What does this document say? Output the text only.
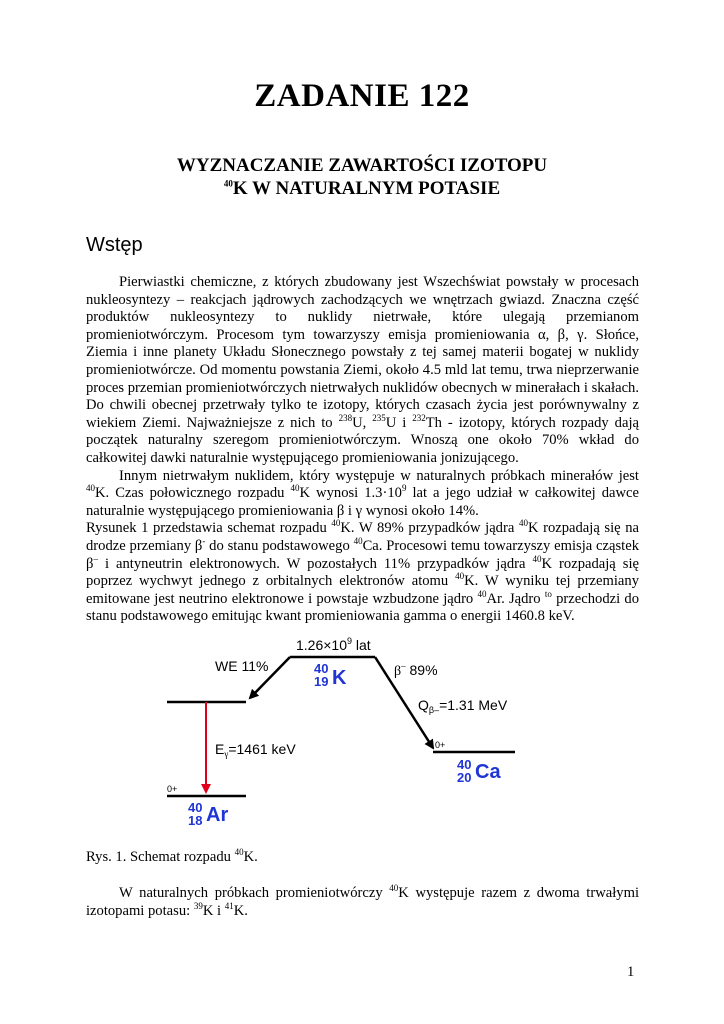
ZADANIE 122
WYZNACZANIE ZAWARTOŚCI IZOTOPU
$^{40}$K W NATURALNYM POTASIE
Wstęp

Pierwiastki chemiczne, z których zbudowany jest Wszechświat powstały w procesach nukleosyntezy – reakcjach jądrowych zachodzących we wnętrzach gwiazd. Znaczna część produktów nukleosyntezy to nuklidy nietrwałe, które ulegają przemianom promieniotwórczym. Procesom tym towarzyszy emisja promieniowania α, β, γ. Słońce, Ziemia i inne planety Układu Słonecznego powstały z tej samej materii bogatej w nuklidy promieniotwórcze. Od momentu powstania Ziemi, około 4.5 mld lat temu, trwa nieprzerwanie proces przemian promieniotwórczych nietrwałych nuklidów obecnych w minerałach i skałach. Do chwili obecnej przetrwały tylko te izotopy, których czasach życia jest porównywalny z wiekiem Ziemi. Najważniejsze z nich to $^{238}$U, $^{235}$U i $^{232}$Th - izotopy, których rozpady dają początek naturalny szeregom promieniotwórczym. Wnoszą one około 70% wkład do całkowitej dawki naturalnie występującego promieniowania jonizującego.

Innym nietrwałym nuklidem, który występuje w naturalnych próbkach minerałów jest $^{40}$K. Czas połowicznego rozpadu $^{40}$K wynosi $1.3\cdot 10^9$ lat a jego udział w całkowitej dawce naturalnie występującego promieniowania β i γ wynosi około 14%.

Rysunek 1 przedstawia schemat rozpadu $^{40}$K. W 89% przypadków jądra $^{40}$K rozpadają się na drodze przemiany β- do stanu podstawowego $^{40}$Ca. Procesowi temu towarzyszy emisja cząstek β– i antyneutrin elektronowych. W pozostałych 11% przypadków jądra $^{40}$K rozpadają się poprzez wychwyt jednego z orbitalnych elektronów atomu $^{40}$K. W wyniku tej przemiany emitowane jest neutrino elektronowe i powstaje wzbudzone jądro $^{40}$Ar. Jądro $^{to}$ przechodzi do stanu podstawowego emitując kwant promieniowania gamma o energii 1460.8 keV.

$1.26\times 10^9$ lat
WE 11%	β– 89%
$Q_{\beta-}=1.31$ MeV
$E_\gamma=1461$ keV	0+
0+
40
19 K
40
20 Ca
40
18 Ar
Rys. 1. Schemat rozpadu $^{40}$K.

W naturalnych próbkach promieniotwórczy $^{40}$K występuje razem z dwoma trwałymi izotopami potasu: $^{39}$K i $^{41}$K.

1
